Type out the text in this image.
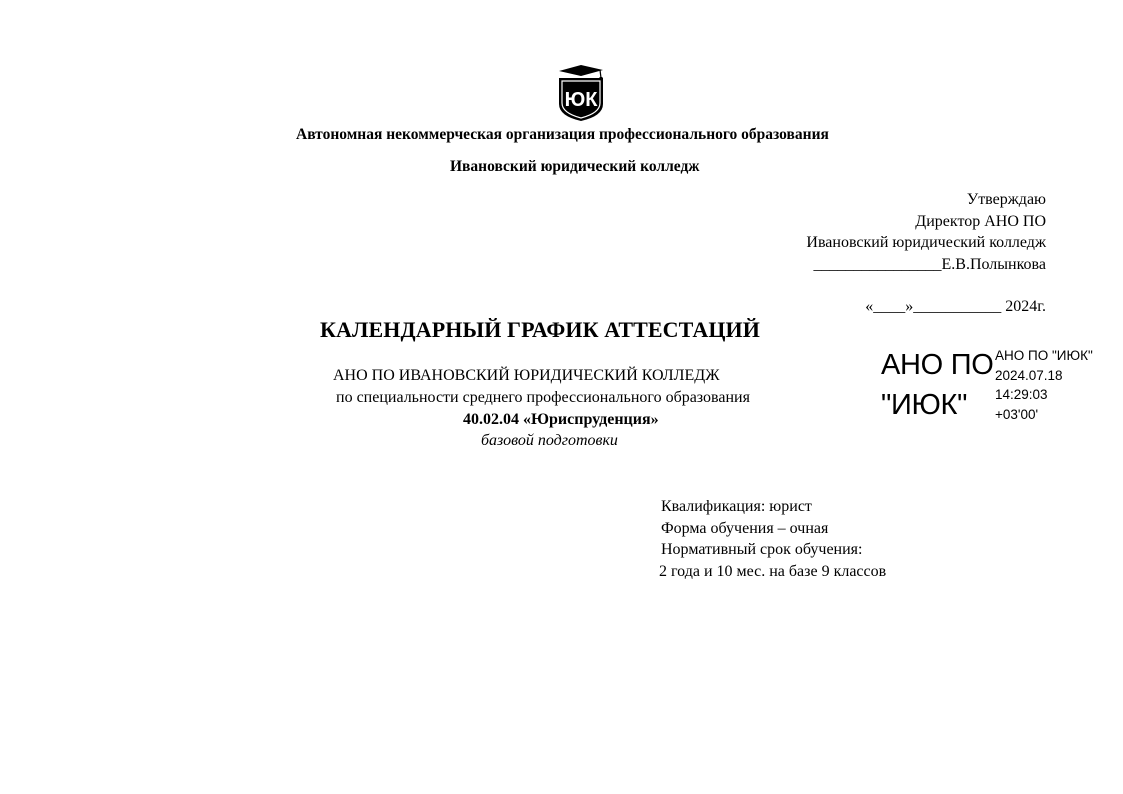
ЮК
Автономная некоммерческая организация профессионального образования
Ивановский юридический колледж
Утверждаю
Директор АНО ПО
Ивановский юридический колледж
________________Е.В.Полынкова
«____»___________ 2024г.
КАЛЕНДАРНЫЙ ГРАФИК АТТЕСТАЦИЙ
АНО ПО ИВАНОВСКИЙ ЮРИДИЧЕСКИЙ КОЛЛЕДЖ
по специальности среднего профессионального образования
40.02.04 «Юриспруденция»
базовой подготовки
АНО ПО
"ИЮК"
АНО ПО "ИЮК"
2024.07.18
14:29:03
+03'00'
Квалификация: юрист
Форма обучения – очная
Нормативный срок обучения:
2 года и 10 мес. на базе 9 классов
